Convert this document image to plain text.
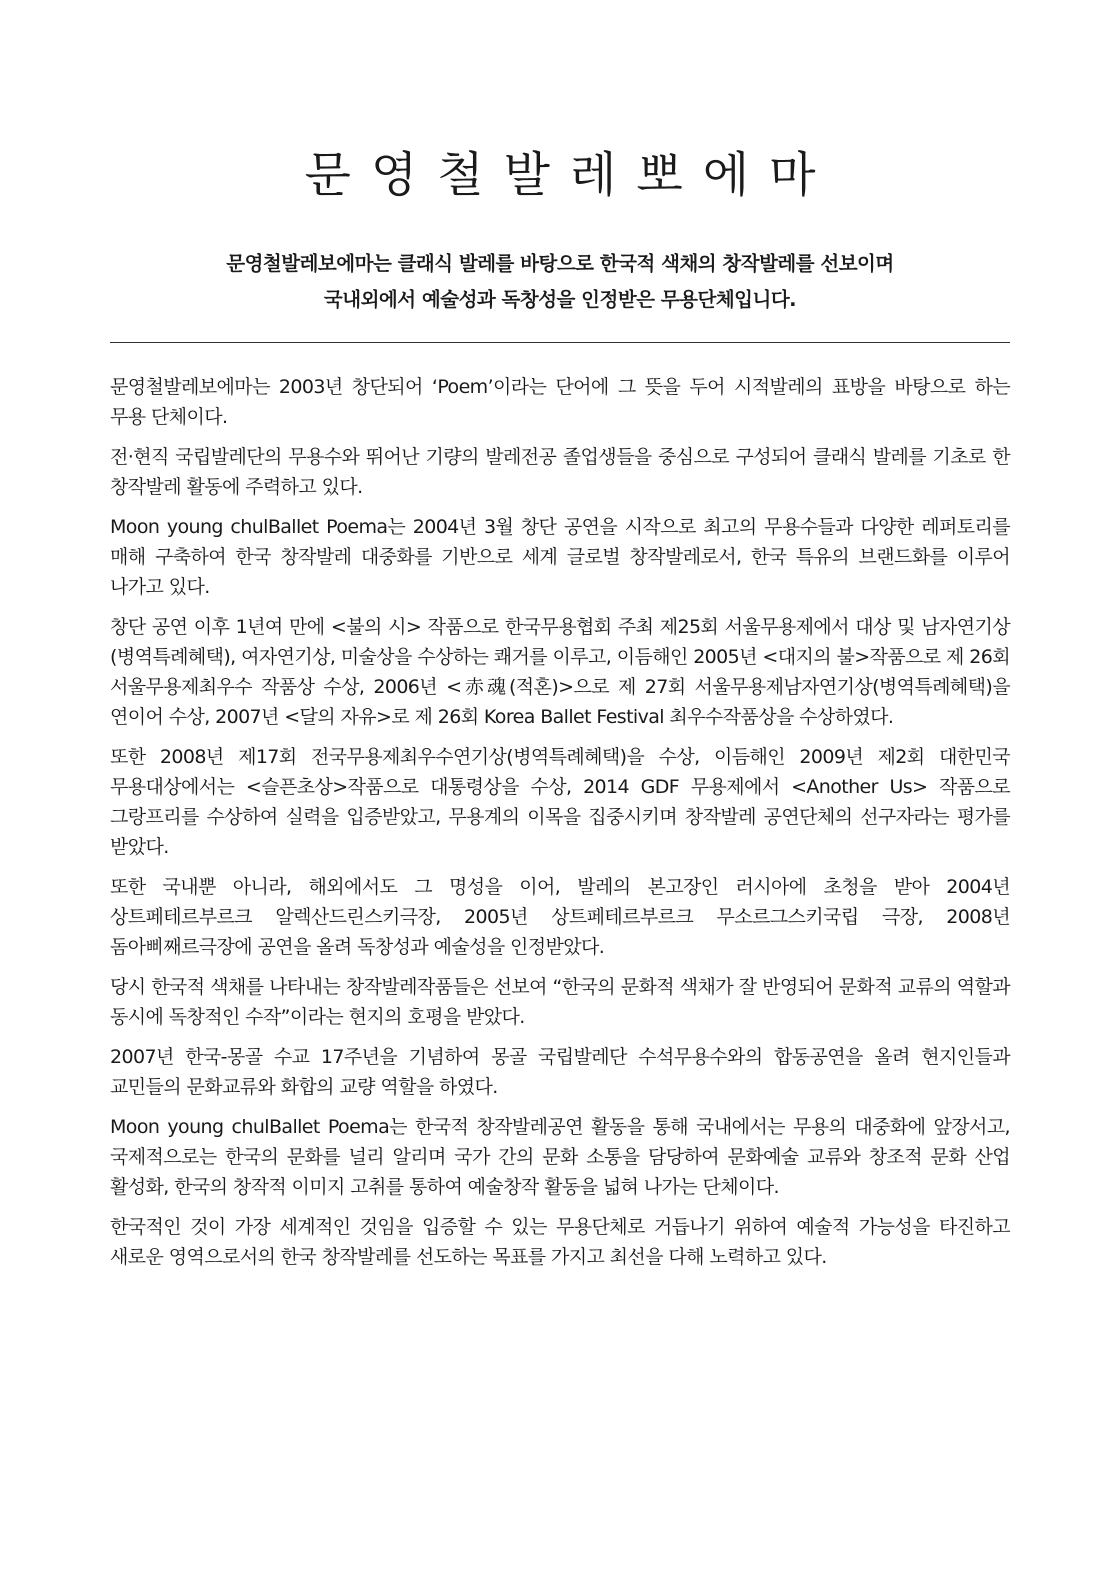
문영철발레뽀에마
문영철발레보에마는 클래식 발레를 바탕으로 한국적 색채의 창작발레를 선보이며
국내외에서 예술성과 독창성을 인정받은 무용단체입니다.

문영철발레보에마는 2003년 창단되어 ‘Poem’이라는 단어에 그 뜻을 두어 시적발레의 표방을 바탕으로 하는 무용 단체이다.

전·현직 국립발레단의 무용수와 뛰어난 기량의 발레전공 졸업생들을 중심으로 구성되어 클래식 발레를 기초로 한 창작발레 활동에 주력하고 있다.

Moon young chulBallet Poema는 2004년 3월 창단 공연을 시작으로 최고의 무용수들과 다양한 레퍼토리를 매해 구축하여 한국 창작발레 대중화를 기반으로 세계 글로벌 창작발레로서, 한국 특유의 브랜드화를 이루어 나가고 있다.

창단 공연 이후 1년여 만에 <불의 시> 작품으로 한국무용협회 주최 제25회 서울무용제에서 대상 및 남자연기상(병역특례혜택), 여자연기상, 미술상을 수상하는 쾌거를 이루고, 이듬해인 2005년 <대지의 불>작품으로 제 26회 서울무용제최우수 작품상 수상, 2006년 <赤魂(적혼)>으로 제 27회 서울무용제남자연기상(병역특례혜택)을 연이어 수상, 2007년 <달의 자유>로 제 26회 Korea Ballet Festival 최우수작품상을 수상하였다.

또한 2008년 제17회 전국무용제최우수연기상(병역특례혜택)을 수상, 이듬해인 2009년 제2회 대한민국 무용대상에서는 <슬픈초상>작품으로 대통령상을 수상, 2014 GDF 무용제에서 <Another Us> 작품으로 그랑프리를 수상하여 실력을 입증받았고, 무용계의 이목을 집중시키며 창작발레 공연단체의 선구자라는 평가를 받았다.

또한 국내뿐 아니라, 해외에서도 그 명성을 이어, 발레의 본고장인 러시아에 초청을 받아 2004년 상트페테르부르크 알렉산드린스키극장, 2005년 상트페테르부르크 무소르그스키국립 극장, 2008년 돔아삐째르극장에 공연을 올려 독창성과 예술성을 인정받았다.

당시 한국적 색채를 나타내는 창작발레작품들은 선보여 “한국의 문화적 색채가 잘 반영되어 문화적 교류의 역할과 동시에 독창적인 수작”이라는 현지의 호평을 받았다.

2007년 한국-몽골 수교 17주년을 기념하여 몽골 국립발레단 수석무용수와의 합동공연을 올려 현지인들과 교민들의 문화교류와 화합의 교량 역할을 하였다.

Moon young chulBallet Poema는 한국적 창작발레공연 활동을 통해 국내에서는 무용의 대중화에 앞장서고, 국제적으로는 한국의 문화를 널리 알리며 국가 간의 문화 소통을 담당하여 문화예술 교류와 창조적 문화 산업 활성화, 한국의 창작적 이미지 고취를 통하여 예술창작 활동을 넓혀 나가는 단체이다.

한국적인 것이 가장 세계적인 것임을 입증할 수 있는 무용단체로 거듭나기 위하여 예술적 가능성을 타진하고 새로운 영역으로서의 한국 창작발레를 선도하는 목표를 가지고 최선을 다해 노력하고 있다.
